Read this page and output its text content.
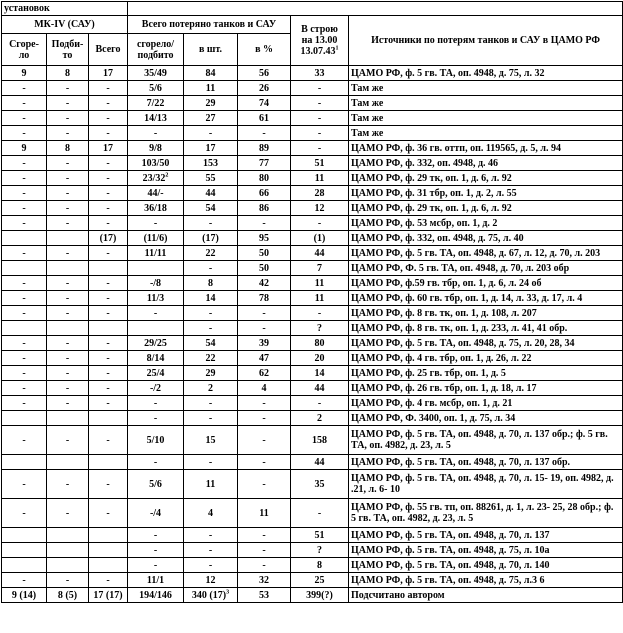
установок							
МК-IV (САУ)			Всего потеряно танков и САУ			В строю
на 13.00
13.07.43$^1$	Источники по потерям танков и САУ в ЦАМО РФ
Сгоре- ло	Подби- то	Всего	сгорело/ подбито	в шт.	в %		
9	8	17	35/49	84	56	33	ЦАМО РФ, ф. 5 гв. ТА, оп. 4948, д. 75, л. 32
-	-	-	5/6	11	26	-	Там же
-	-	-	7/22	29	74	-	Там же
-	-	-	14/13	27	61	-	Там же
-	-	-	-	-	-	-	Там же
9	8	17	9/8	17	89	-	ЦАМО РФ, ф. 36 гв. оттп, оп. 119565, д. 5, л. 94
-	-	-	103/50	153	77	51	ЦАМО РФ, ф. 332, оп. 4948, д. 46
-	-	-	$23/32^2$	55	80	11	ЦАМО РФ, ф. 29 тк, оп. 1, д. 6, л. 92
-	-	-	44/-	44	66	28	ЦАМО РФ, ф. 31 тбр, оп. 1, д. 2, л. 55
-	-	-	36/18	54	86	12	ЦАМО РФ, ф. 29 тк, оп. 1, д. 6, л. 92
-	-	-	-	-	-	-	ЦАМО РФ, ф. 53 мсбр, оп. 1, д. 2
		(17)	(11/6)	(17)	95	(1)	ЦАМО РФ, ф. 332, оп. 4948, д. 75, л. 40
-	-	-	11/11	22	50	44	ЦАМО РФ, ф. 5 гв. ТА, оп. 4948, д. 67, л. 12, д. 70, л. 203
				-	50	7	ЦАМО РФ, Ф. 5 гв. ТА, оп. 4948, д. 70, л. 203 обр
-	-	-	-/8	8	42	11	ЦАМО РФ, ф.59 гв. тбр, оп. 1, д. 6, л. 24 об
-	-	-	11/3	14	78	11	ЦАМО РФ, ф. 60 гв. тбр, оп. 1, д. 14, л. 33, д. 17, л. 4
-	-	-	-	-	-	-	ЦАМО РФ, ф. 8 гв. тк, оп. 1, д. 108, л. 207
				-	-	?	ЦАМО РФ, ф. 8 гв. тк, оп. 1, д. 233, л. 41, 41 обр.
-	-	-	29/25	54	39	80	ЦАМО РФ, ф. 5 гв. ТА, оп. 4948, д. 75, л. 20, 28, 34
-	-	-	8/14	22	47	20	ЦАМО РФ, ф. 4 гв. тбр, оп. 1, д. 26, л. 22
-	-	-	25/4	29	62	14	ЦАМО РФ, ф. 25 гв. тбр, оп. 1, д. 5
-	-	-	-/2	2	4	44	ЦАМО РФ, ф. 26 гв. тбр, оп. 1, д. 18, л. 17
-	-	-	-	-	-	-	ЦАМО РФ, ф. 4 гв. мсбр, оп. 1, д. 21
			-	-	-	2	ЦАМО РФ, Ф. 3400, оп. 1, д. 75, л. 34
-	-	-	5/10	15	-	158	ЦАМО РФ, ф. 5 гв. ТА, оп. 4948, д. 70, л. 137 обр.; ф. 5 гв. ТА, оп. 4982, д. 23, л. 5
			-	-	-	44	ЦАМО РФ, ф. 5 гв. ТА, оп. 4948, д. 70, л. 137 обр.
-	-	-	5/6	11	-	35	ЦАМО РФ, ф. 5 гв. ТА, оп. 4948, д. 70, л. 15- 19, оп. 4982, д. .21, л. 6- 10
-	-	-	-/4	4	11	-	ЦАМО РФ, ф. 55 гв. тп, оп. 88261, д. 1, л. 23- 25, 28 обр.; ф. 5 гв. ТА, оп. 4982, д. 23, л. 5
			-	-	-	51	ЦАМО РФ, ф. 5 гв. ТА, оп. 4948, д. 70, л. 137
			-	-	-	?	ЦАМО РФ, ф. 5 гв. ТА, оп. 4948, д. 75, л. 10а
			-	-	-	8	ЦАМО РФ, ф. 5 гв. ТА, оп. 4948, д. 70, л. 140
-	-	-	11/1	12	32	25	ЦАМО РФ, ф. 5 гв. ТА, оп. 4948, д. 75, л.3 6
9 (14)	8 (5)	17 (17)	194/146	340 $(17)^3$	53	399(?)	Подсчитано автором
